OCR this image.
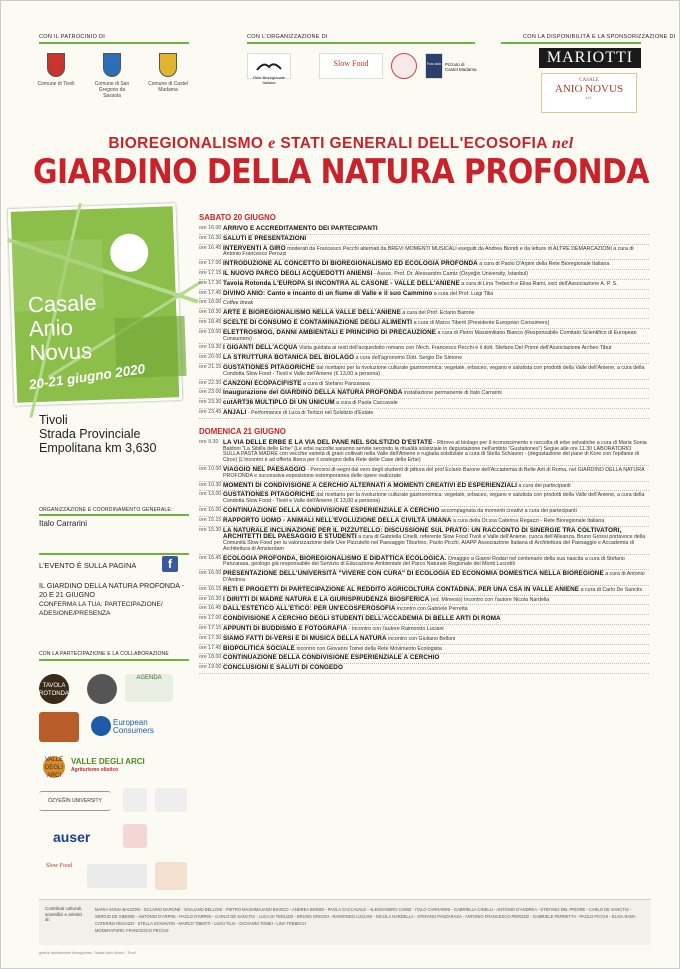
CON IL PATROCINIO DI	CON L'ORGANIZZAZIONE DI	CON LA DISPONIBILITÀ E LA SPONSORIZZAZIONE DI
Comune di Tivoli	Comune di San Gregorio da Sassola
Comune di Castel Madama
Rete Bioregionale Italiana
Slow Food	Foto club Pizzuto di Castel Madama
MARIOTTI
CASALE
ANIO NOVUS
s.r.l.
BIOREGIONALISMO e STATI GENERALI DELL'ECOSOFIA nel
GIARDINO DELLA NATURA PROFONDA
Casale
Anio
Novus
20-21 giugno 2020
Tivoli
Strada Provinciale
Empolitana km 3,630
ORGANIZZAZIONE E COORDINAMENTO GENERALE:
Italo Carrarini
L'EVENTO È SULLA PAGINA	f
IL GIARDINO DELLA NATURA PROFONDA - 20 E 21 GIUGNO
CONFERMA LA TUA: PARTECIPAZIONE/ ADESIONE/PRESENZA
CON LA PARTECIPAZIONE E LA COLLABORAZIONE
TAVOLA ROTONDA
AGENDA
European Consumers
VALLE DEGLI ARCI
VALLE DEGLI ARCI
Agriturismo olistico
ÖZYEĞİN UNIVERSITY
auser
Slow Food
SABATO 20 GIUGNO
ore 16.00 ARRIVO E ACCREDITAMENTO DEI PARTECIPANTI
ore 16.30 SALUTI E PRESENTAZIONI
ore 16.45 INTERVENTI A GIRO moderati da Francesco Pecchi alternati da BREVI MOMENTI MUSICALI eseguiti da Andrea Biondi e da letture di ALTRE DEMARCAZIONI a cura di Antonio Francesco Perozzi
ore 17.00 INTRODUZIONE AL CONCETTO DI BIOREGIONALISMO ED ECOLOGIA PROFONDA a cura di Paolo D'Arpini della Rete Bioregionale Italiana
ore 17.15 IL NUOVO PARCO DEGLI ACQUEDOTTI ANIENSI - Assoc. Prof. Dr. Alessandro Camiz (Özyeğin University, Istanbul)
ore 17.30 Tavola Rotonda L'EUROPA SI INCONTRA AL CASONE - VALLE DELL'ANIENE a cura di Lina Trebech e Elisa Rami, soci dell'Associazione A. P. S.
ore 17.45 DIVINO ANIO: Canto e incanto di un fiume di Valle e il suo Cammino a cura del Prof. Luigi Tilia
ore 18.00 Coffee break
ore 18.30 ARTE E BIOREGIONALISMO NELLA VALLE DELL'ANIENE a cura del Prof. Eclario Barone
ore 18.45 SCELTE DI CONSUMO E CONTAMINAZIONE DEGLI ALIMENTI a cura di Marco Tiberti (Presidente European Consumers)
ore 19.00 ELETTROSMOG, DANNI AMBIENTALI E PRINCIPIO DI PRECAUZIONE a cura di Pietro Massimiliano Bianco (Responsabile Comitato Scientifico di European Consumers)
ore 19.30 I GIGANTI DELL'ACQUA Visita guidata ai resti dell'acquedotto romano con l'Arch. Francesco Pecchi e il dott. Stefano Del Priore dell'Associazione Archeo Tibur
ore 20.00 LA STRUTTURA BOTANICA DEL BIOLAGO a cura dell'agronomo Dott. Sergio De Simone
ore 21.15 GUSTATIONES PITAGORICHE dal ricettario per la rivoluzione culturale gastronomica: vegetale, erbaceo, vegano e salutista con prodotti della Valle dell'Aniene, a cura della Condotta Slow Food - Tivoli e Valle dell'Aniene (€ 13,00 a persona)
ore 22.30 CANZONI ECOPACIFISTE a cura di Stefano Panzarasa
ore 23.00 Inaugurazione del GIARDINO DELLA NATURA PROFONDA installazione permanente di Italo Carrarini
ore 23.30 cutART36 MULTIPLO DI UN UNICUM a cura di Paola Caccavale
ore 23.45 ANJALI - Performance di Luca di Terlizzi nel Solstizio d'Estate
DOMENICA 21 GIUGNO
ore 9.30 LA VIA DELLE ERBE E LA VIA DEL PANE NEL SOLSTIZIO D'ESTATE - Ritrovo al biolago per il riconoscimento e raccolta di erbe selvatiche a cura di Maria Sonia Baldoni "La Sibilla delle Erbe" (Le erbe raccolte saranno servite secondo la ritualità solstiziale in degustazione nell'ambito "Gustationes") Segue alle ore 11.30 LABORATORIO SULLA PASTA MADRE con vecchie varietà di grani coltivati nella Valle dell'Aniene e rugiada solstiziale a cura di Stella Schiavon - (degustazione del pane di Kore con l'epifanie di Circe) (L'incontro è ad offerta libera per il sostegno della Rete delle Case della Erbe)
ore 10.00 VIAGGIO NEL PAESAGGIO - Percorsi di-segni dal vero degli studenti di pittura del prof Eclario Barone dell'Accademia di Belle Arti di Roma, nel GIARDINO DELLA NATURA PROFONDA e successiva esposizione estemporanea delle opere realizzate
ore 10.30 MOMENTI DI CONDIVISIONE A CERCHIO ALTERNATI A MOMENTI CREATIVI ED ESPERIENZIALI a cura dei partecipanti
ore 13.00 GUSTATIONES PITAGORICHE dal ricettario per la rivoluzione culturale gastronomica: vegetale, erbaceo, vegano e salutista con prodotti della Valle dell'Aniene, a cura della Condotta Slow Food - Tivoli e Valle dell'Aniene (€ 13,00 a persona)
ore 15.00 CONTINUAZIONE DELLA CONDIVISIONE ESPERIENZIALE A CERCHIO accompagnata da momenti creativi a cura dei partecipanti
ore 15.15 RAPPORTO UOMO - ANIMALI NELL'EVOLUZIONE DELLA CIVILTÀ UMANA a cura della Dr.ssa Caterina Regazzi - Rete Bioregionale Italiana
ore 15.30 LA NATURALE INCLINAZIONE PER IL PIZZUTELLO: DISCUSSIONE SUL PRATO: UN RACCONTO DI SINERGIE TRA COLTIVATORI, ARCHITETTI DEL PAESAGGIO E STUDENTI a cura di Gabriella Cinelli, referente Slow Food Tivoli e Valle dell'Aniene, cuoca dell'Alleanza, Bruno Grossi portavoce della Comunità Slow Food per la valorizzazione delle Uve Pizzutello nel Paesaggio Tiburtino, Paolo Picchi, AIAPP Associazione Italiana di Architettura del Paesaggio e Accademia di Architettura di Amsterdam
ore 15.45 ECOLOGIA PROFONDA, BIOREGIONALISMO E DIDATTICA ECOLOGICA. Omaggio a Gianni Rodari nel centenario della sua nascita a cura di Stefano Panzarasa, geologo già responsabile del Servizio di Educazione Ambientale del Parco Naturale Regionale dei Monti Lucretili
ore 16.00 PRESENTAZIONE DELL'UNIVERSITÀ "VIVERE CON CURA" DI ECOLOGIA ED ECONOMIA DOMESTICA NELLA BIOREGIONE a cura di Antonio D'Andrea
ore 16.15 RETI E PROGETTI DI PARTECIPAZIONE AL REDDITO AGRICOLTURA CONTADINA. PER UNA CSA IN VALLE ANIENE a cura di Carlo De Sanctis
ore 16.30 I DIRITTI DI MADRE NATURA E LA GIURISPRUDENZA BIOSFERICA (ed. Mimesis) Incontro con l'autore Nicola Nardella
ore 16.45 DALL'ESTETICO ALL'ETICO: PER UN'ECOSFEROSOFIA incontro con Gabriele Perretta
ore 17.00 CONDIVISIONE A CERCHIO DEGLI STUDENTI DELL'ACCADEMIA DI BELLE ARTI DI ROMA
ore 17.15 APPUNTI DI BUDDISMO E FOTOGRAFIA - Incontro con l'autore Raimondo Luciani
ore 17.30 SIAMO FATTI DI-VERSI E DI MUSICA DELLA NATURA incontro con Giuliano Belloni
ore 17.45 BIOPOLITICA SOCIALE incontro con Giovanni Tomei della Rete Movimento Ecologista
ore 18.00 CONTINUAZIONE DELLA CONDIVISIONE ESPERIENZIALE A CERCHIO
ore 19.00 CONCLUSIONI E SALUTI DI CONGEDO
Contributi culturali, scientifici e artistici di:
MARIA SONIA BALDONI - ECLARIO BARONE - GIULIANO BELLONI - PIETRO MASSIMILIANO BIANCO - ANDREA BIONDI - PAOLA CACCAVALE - ALESSANDRO CAMIZ - ITALO CARRARINI - GABRIELLA CINELLI - ANTONIO D'ANDREA - STEFANO DEL PRIORE - CARLO DE SANCTIS - SERGIO DE SIMONE - ANTONIO D'ARPINI - PAOLO D'ARPINI - CARLO DE SANCTIS - LUCA DI TERLIZZI - BRUNO GROSSI - RAIMONDO LUCIANI - NICOLA NARDELLA - STEFANO PANZARASA - ANTONIO FRANCESCO PEROZZI - GABRIELE PERRETTA - PAOLO PICCHI - ELISA RAMI - CATERINA REGAZZI - STELLA SCHIAVON - MARCO TIBERTI - LUIGI TILIA - GIOVANNI TOMEI - LINA TREBECH
MODERATORE: FRANCESCO PECCHI
grafica decisamente bioregionale, Casale Anio Novus - Tivoli
